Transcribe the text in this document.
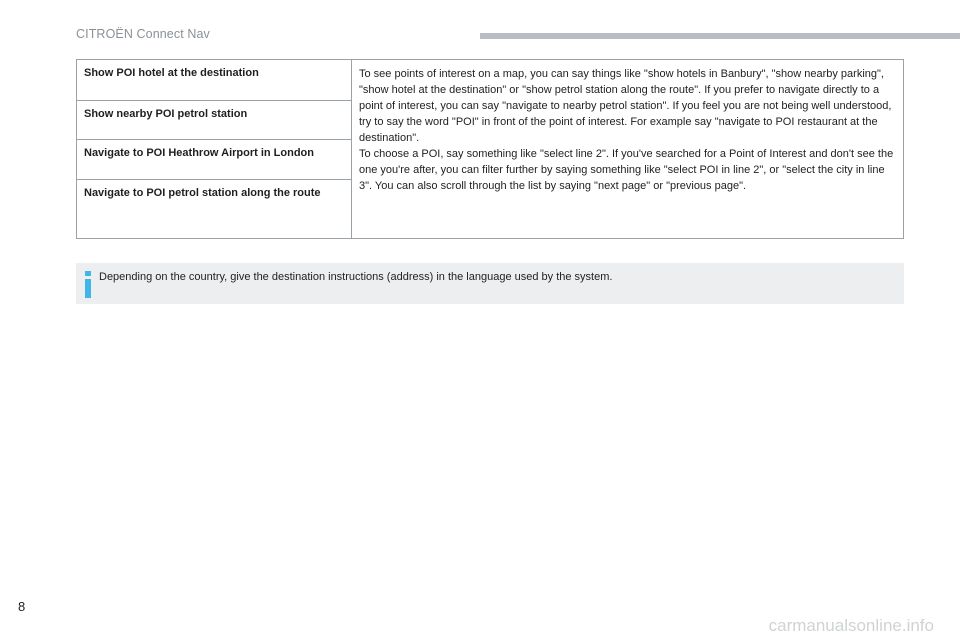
CITROËN Connect Nav
Show POI hotel at the destination	To see points of interest on a map, you can say things like "show hotels in Banbury", "show nearby parking", "show hotel at the destination" or "show petrol station along the route". If you prefer to navigate directly to a point of interest, you can say "navigate to nearby petrol station". If you feel you are not being well understood, try to say the word "POI" in front of the point of interest. For example say "navigate to POI restaurant at the destination".

To choose a POI, say something like "select line 2". If you've searched for a Point of Interest and don't see the one you're after, you can filter further by saying something like "select POI in line 2", or "select the city in line 3". You can also scroll through the list by saying "next page" or "previous page".

Show nearby POI petrol station
Navigate to POI Heathrow Airport in London
Navigate to POI petrol station along the route
Depending on the country, give the destination instructions (address) in the language used by the system.
8
carmanualsonline.info
